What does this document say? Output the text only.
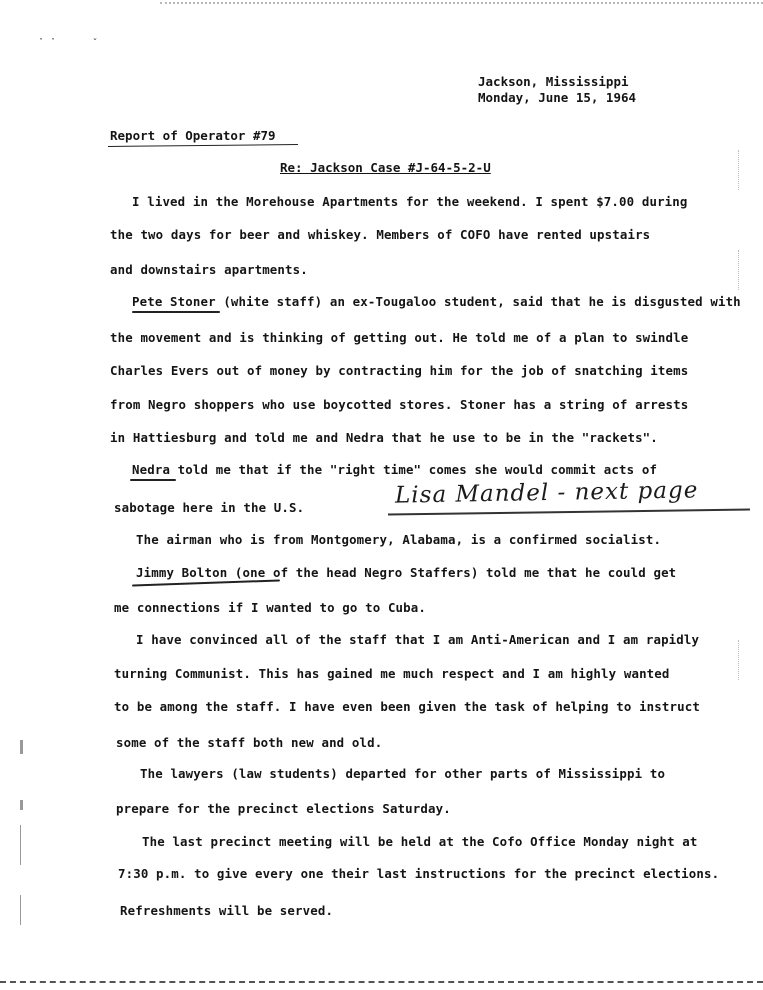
· ·	ˇ
Jackson, Mississippi
Monday, June 15, 1964
Report of Operator #79
Re: Jackson Case #J-64-5-2-U
I lived in the Morehouse Apartments for the weekend. I spent $7.00 during
the two days for beer and whiskey. Members of COFO have rented upstairs
and downstairs apartments.
Pete Stoner (white staff) an ex-Tougaloo student, said that he is disgusted with
the movement and is thinking of getting out. He told me of a plan to swindle
Charles Evers out of money by contracting him for the job of snatching items
from Negro shoppers who use boycotted stores. Stoner has a string of arrests
in Hattiesburg and told me and Nedra that he use to be in the "rackets".
Nedra told me that if the "right time" comes she would commit acts of
sabotage here in the U.S.	Lisa Mandel - next page
The airman who is from Montgomery, Alabama, is a confirmed socialist.
Jimmy Bolton (one of the head Negro Staffers) told me that he could get
me connections if I wanted to go to Cuba.
I have convinced all of the staff that I am Anti-American and I am rapidly
turning Communist. This has gained me much respect and I am highly wanted
to be among the staff. I have even been given the task of helping to instruct
some of the staff both new and old.
The lawyers (law students) departed for other parts of Mississippi to
prepare for the precinct elections Saturday.
The last precinct meeting will be held at the Cofo Office Monday night at
7:30 p.m. to give every one their last instructions for the precinct elections.
Refreshments will be served.
